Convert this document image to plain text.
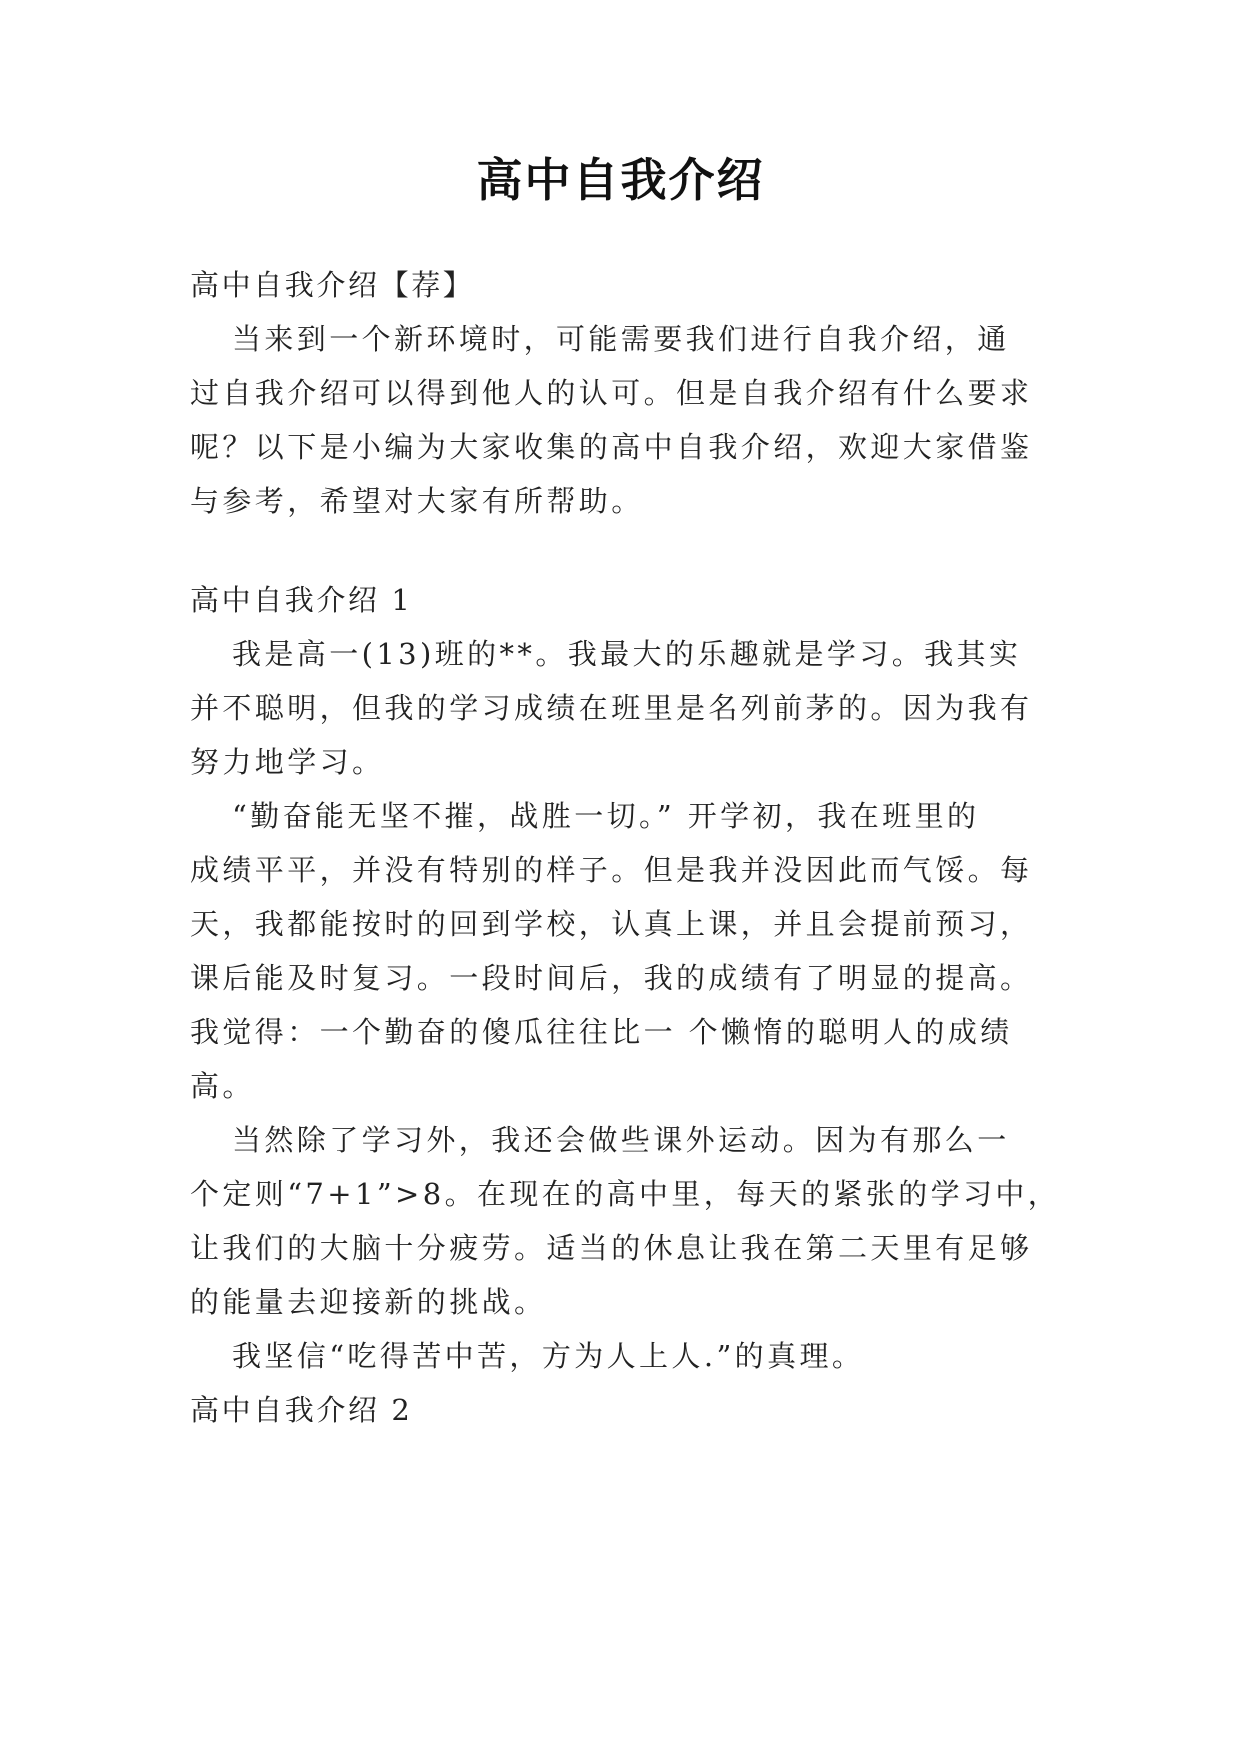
高中自我介绍
高中自我介绍【荐】
当来到一个新环境时，可能需要我们进行自我介绍，通
过自我介绍可以得到他人的认可。但是自我介绍有什么要求
呢？以下是小编为大家收集的高中自我介绍，欢迎大家借鉴
与参考，希望对大家有所帮助。
高中自我介绍 1
我是高一(13)班的**。我最大的乐趣就是学习。我其实
并不聪明，但我的学习成绩在班里是名列前茅的。因为我有
努力地学习。
“勤奋能无坚不摧，战胜一切。” 开学初，我在班里的
成绩平平，并没有特别的样子。但是我并没因此而气馁。每
天，我都能按时的回到学校，认真上课，并且会提前预习，
课后能及时复习。一段时间后，我的成绩有了明显的提高。
我觉得：一个勤奋的傻瓜往往比一 个懒惰的聪明人的成绩
高。
当然除了学习外，我还会做些课外运动。因为有那么一
个定则“7+1”>8。在现在的高中里，每天的紧张的学习中，
让我们的大脑十分疲劳。适当的休息让我在第二天里有足够
的能量去迎接新的挑战。
我坚信“吃得苦中苦，方为人上人.”的真理。
高中自我介绍 2
